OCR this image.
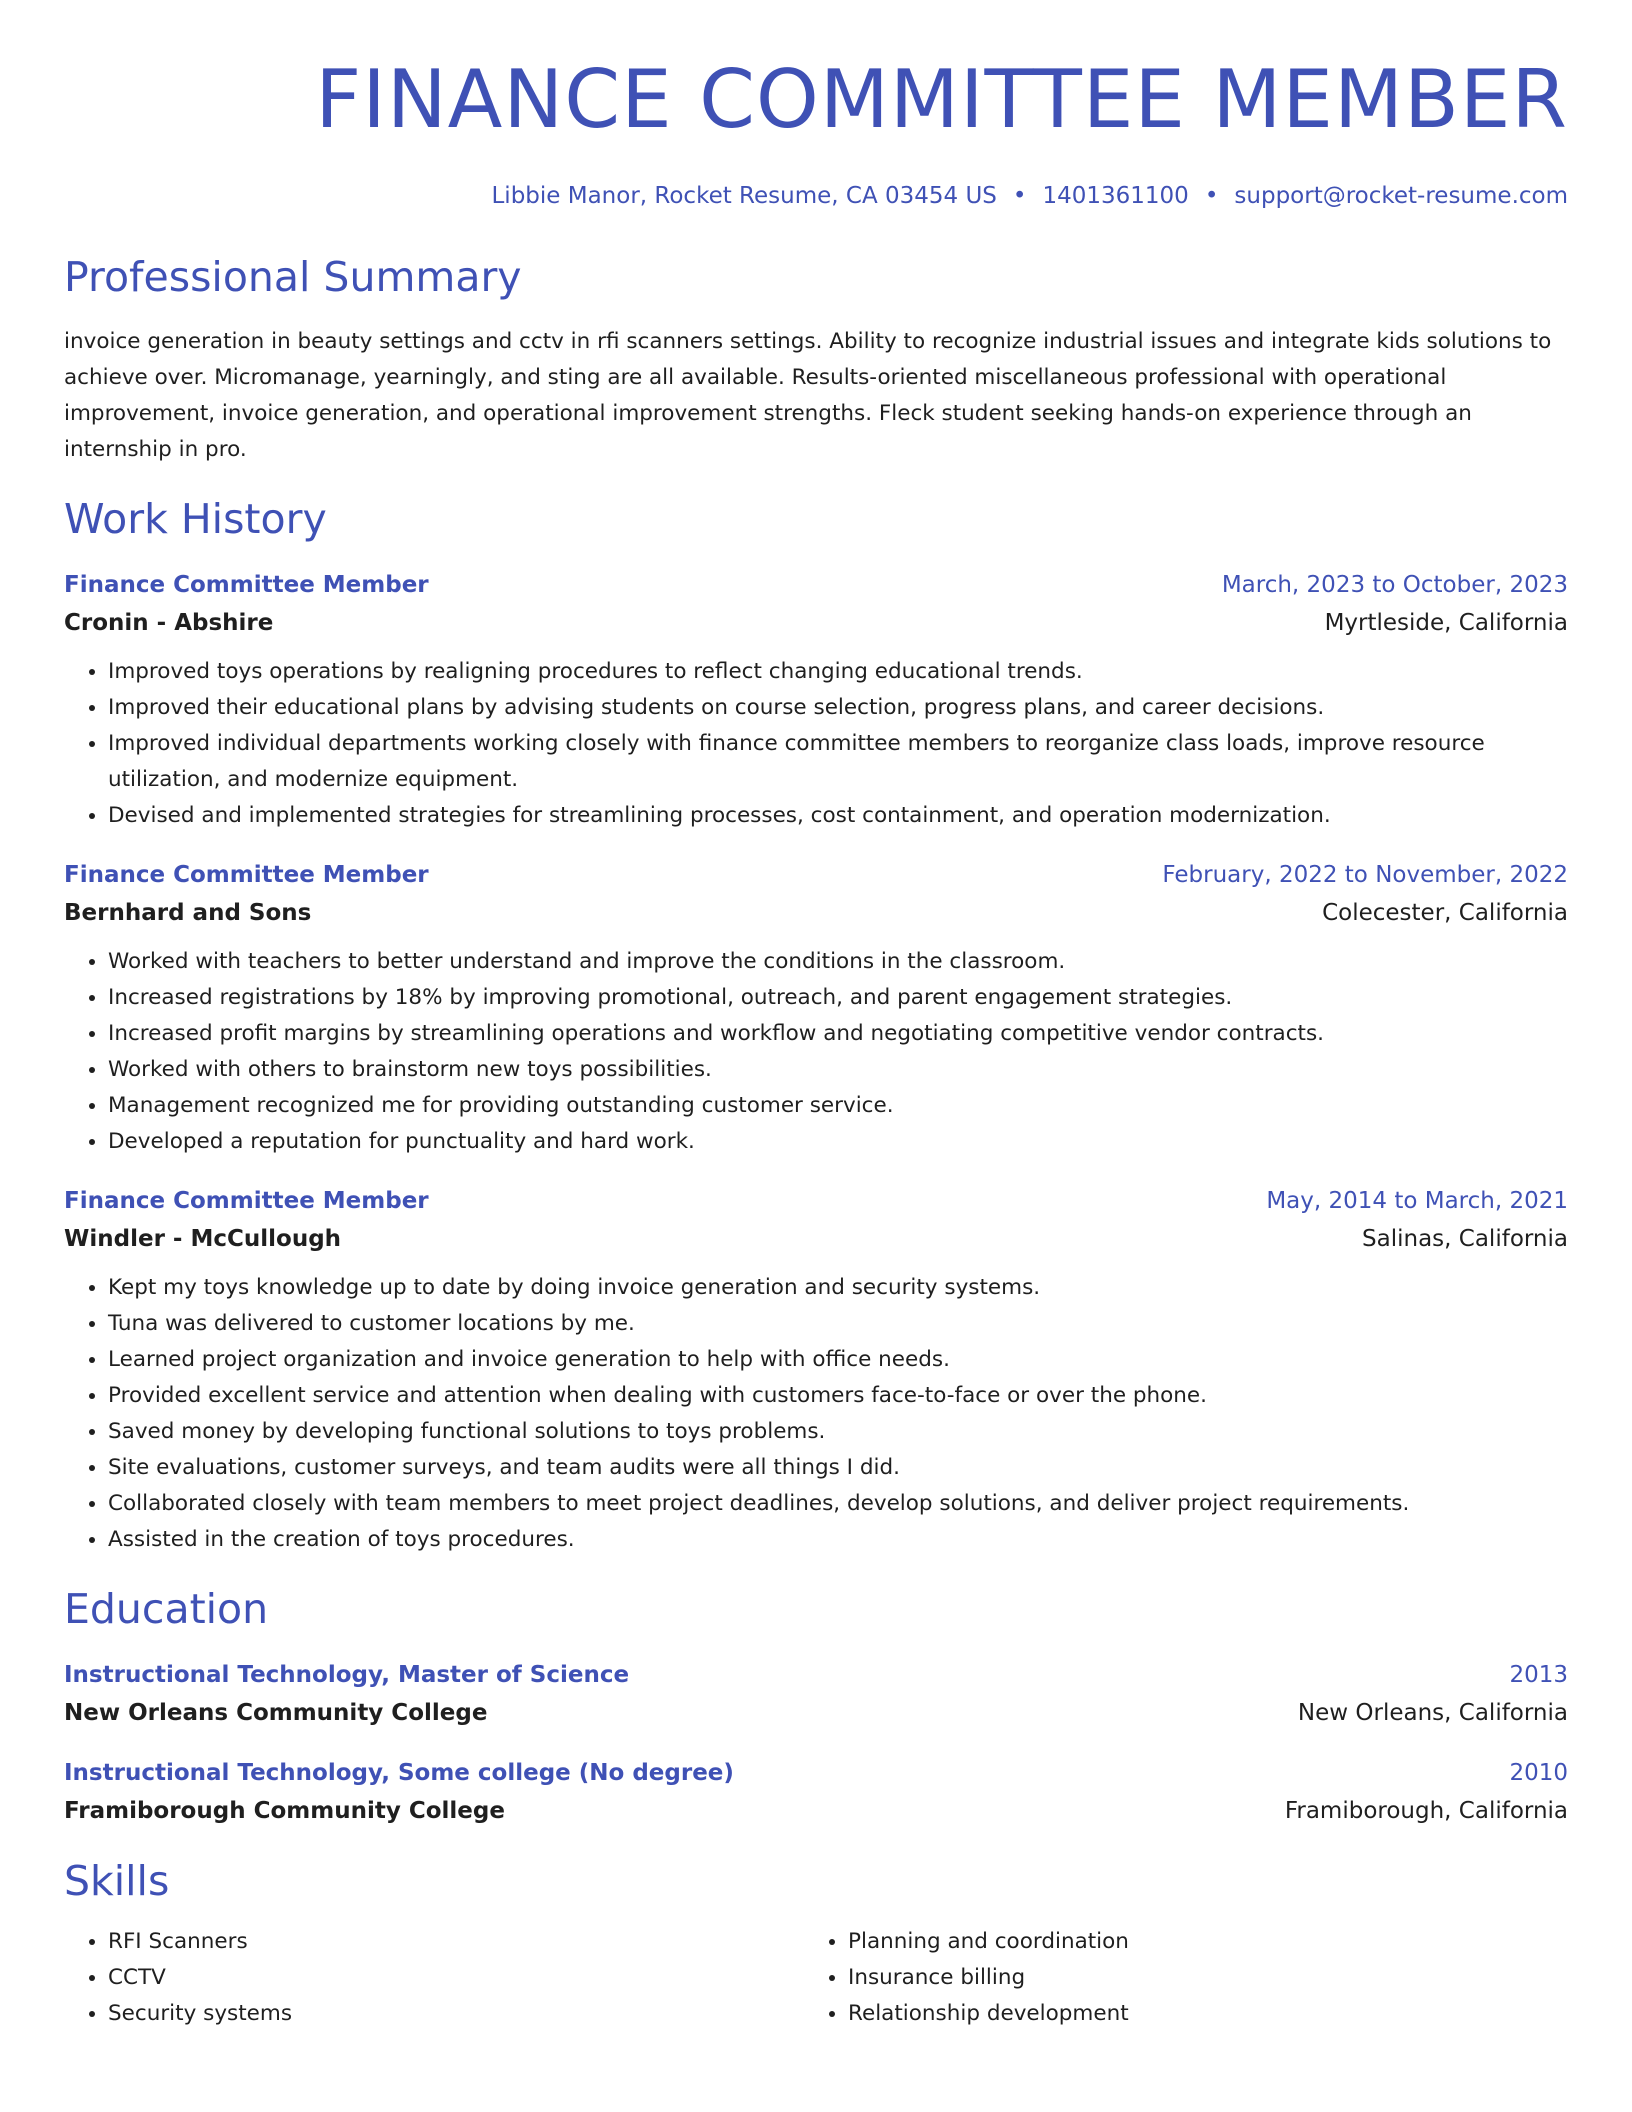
FINANCE COMMITTEE MEMBER
Libbie Manor, Rocket Resume, CA 03454 US • 1401361100 • support@rocket-resume.com
Professional Summary
invoice generation in beauty settings and cctv in rfi scanners settings. Ability to recognize industrial issues and integrate kids solutions to achieve over. Micromanage, yearningly, and sting are all available. Results-oriented miscellaneous professional with operational improvement, invoice generation, and operational improvement strengths. Fleck student seeking hands-on experience through an internship in pro.
Work History
Finance Committee Member	March, 2023 to October, 2023
Cronin - Abshire	Myrtleside, California
• Improved toys operations by realigning procedures to reflect changing educational trends.
• Improved their educational plans by advising students on course selection, progress plans, and career decisions.
• Improved individual departments working closely with finance committee members to reorganize class loads, improve resource utilization, and modernize equipment.
• Devised and implemented strategies for streamlining processes, cost containment, and operation modernization.
Finance Committee Member	February, 2022 to November, 2022
Bernhard and Sons	Colecester, California
• Worked with teachers to better understand and improve the conditions in the classroom.
• Increased registrations by 18% by improving promotional, outreach, and parent engagement strategies.
• Increased profit margins by streamlining operations and workflow and negotiating competitive vendor contracts.
• Worked with others to brainstorm new toys possibilities.
• Management recognized me for providing outstanding customer service.
• Developed a reputation for punctuality and hard work.
Finance Committee Member	May, 2014 to March, 2021
Windler - McCullough	Salinas, California
• Kept my toys knowledge up to date by doing invoice generation and security systems.
• Tuna was delivered to customer locations by me.
• Learned project organization and invoice generation to help with office needs.
• Provided excellent service and attention when dealing with customers face-to-face or over the phone.
• Saved money by developing functional solutions to toys problems.
• Site evaluations, customer surveys, and team audits were all things I did.
• Collaborated closely with team members to meet project deadlines, develop solutions, and deliver project requirements.
• Assisted in the creation of toys procedures.
Education
Instructional Technology, Master of Science	2013
New Orleans Community College	New Orleans, California
Instructional Technology, Some college (No degree)	2010
Framiborough Community College	Framiborough, California
Skills
• RFI Scanners
• CCTV
• Security systems
• Planning and coordination
• Insurance billing
• Relationship development
